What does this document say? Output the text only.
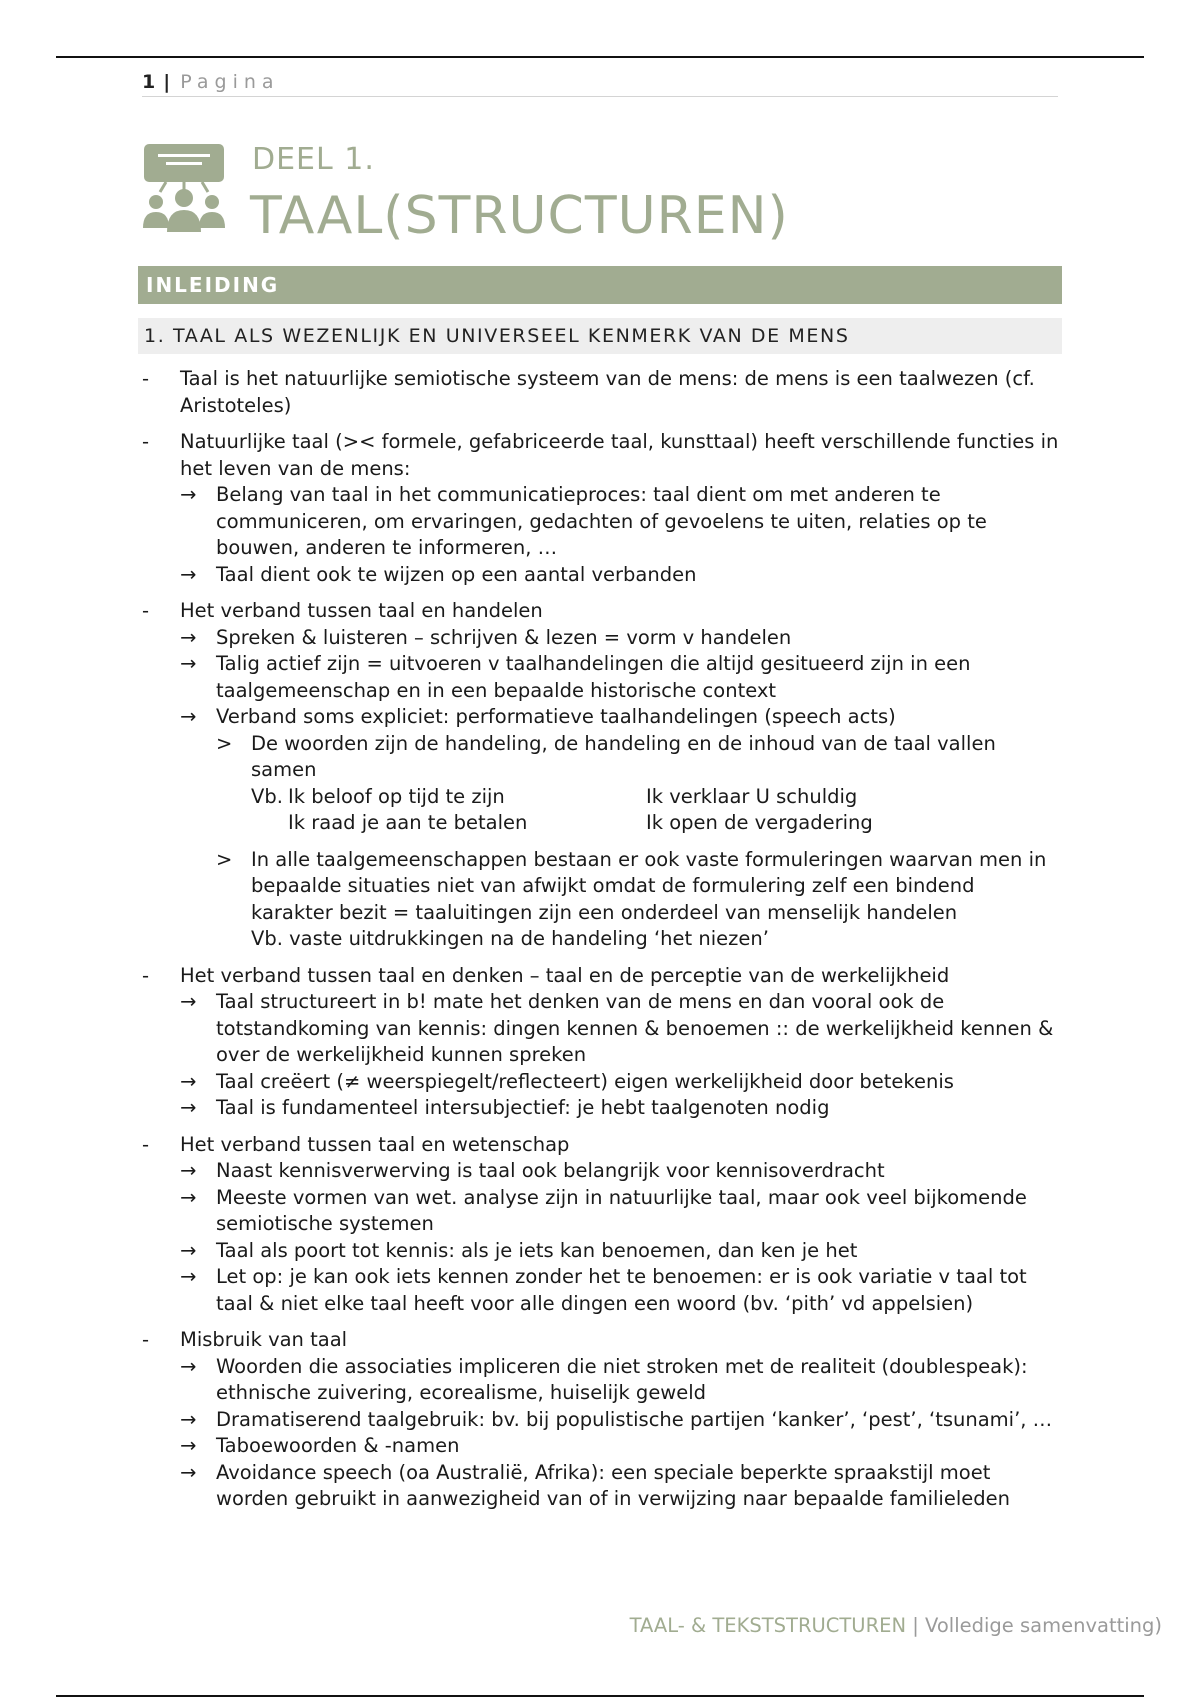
1 | Pagina
DEEL 1.
TAAL(STRUCTUREN)
INLEIDING
1. TAAL ALS WEZENLIJK EN UNIVERSEEL KENMERK VAN DE MENS
- Taal is het natuurlijke semiotische systeem van de mens: de mens is een taalwezen (cf. Aristoteles)
- Natuurlijke taal (>< formele, gefabriceerde taal, kunsttaal) heeft verschillende functies in het leven van de mens:
→ Belang van taal in het communicatieproces: taal dient om met anderen te communiceren, om ervaringen, gedachten of gevoelens te uiten, relaties op te bouwen, anderen te informeren, …
→ Taal dient ook te wijzen op een aantal verbanden
- Het verband tussen taal en handelen
→ Spreken & luisteren – schrijven & lezen = vorm v handelen
→ Talig actief zijn = uitvoeren v taalhandelingen die altijd gesitueerd zijn in een taalgemeenschap en in een bepaalde historische context
→ Verband soms expliciet: performatieve taalhandelingen (speech acts)
> De woorden zijn de handeling, de handeling en de inhoud van de taal vallen samen
Vb. Ik beloof op tijd te zijn	Ik verklaar U schuldig
Ik raad je aan te betalen	Ik open de vergadering
> In alle taalgemeenschappen bestaan er ook vaste formuleringen waarvan men in bepaalde situaties niet van afwijkt omdat de formulering zelf een bindend karakter bezit = taaluitingen zijn een onderdeel van menselijk handelen
Vb. vaste uitdrukkingen na de handeling ‘het niezen’
- Het verband tussen taal en denken – taal en de perceptie van de werkelijkheid
→ Taal structureert in b! mate het denken van de mens en dan vooral ook de totstandkoming van kennis: dingen kennen & benoemen :: de werkelijkheid kennen & over de werkelijkheid kunnen spreken
→ Taal creëert (≠ weerspiegelt/reflecteert) eigen werkelijkheid door betekenis
→ Taal is fundamenteel intersubjectief: je hebt taalgenoten nodig
- Het verband tussen taal en wetenschap
→ Naast kennisverwerving is taal ook belangrijk voor kennisoverdracht
→ Meeste vormen van wet. analyse zijn in natuurlijke taal, maar ook veel bijkomende semiotische systemen
→ Taal als poort tot kennis: als je iets kan benoemen, dan ken je het
→ Let op: je kan ook iets kennen zonder het te benoemen: er is ook variatie v taal tot taal & niet elke taal heeft voor alle dingen een woord (bv. ‘pith’ vd appelsien)
- Misbruik van taal
→ Woorden die associaties impliceren die niet stroken met de realiteit (doublespeak): ethnische zuivering, ecorealisme, huiselijk geweld
→ Dramatiserend taalgebruik: bv. bij populistische partijen ‘kanker’, ‘pest’, ‘tsunami’, …
→ Taboewoorden & -namen
→ Avoidance speech (oa Australië, Afrika): een speciale beperkte spraakstijl moet worden gebruikt in aanwezigheid van of in verwijzing naar bepaalde familieleden
TAAL- & TEKSTSTRUCTUREN | Volledige samenvatting)
